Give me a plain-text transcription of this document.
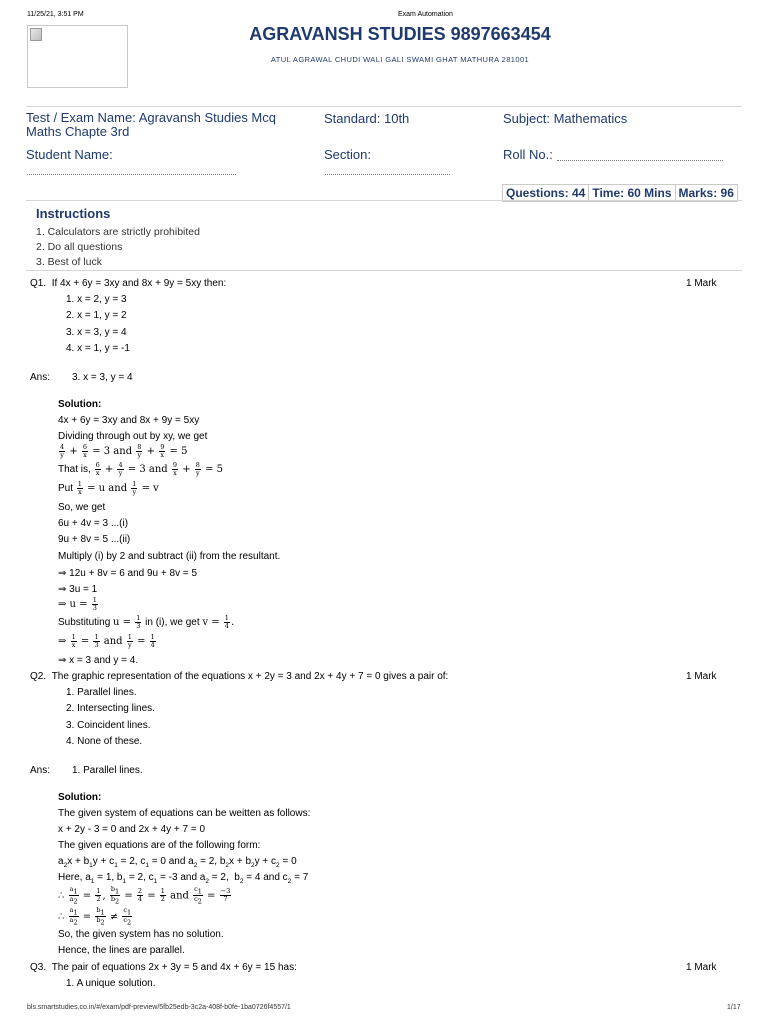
11/25/21, 3:51 PM	Exam Automation
AGRAVANSH STUDIES 9897663454
ATUL AGRAWAL CHUDI WALI GALI SWAMI GHAT MATHURA 281001
Test / Exam Name: Agravansh Studies Mcq
Maths Chapte 3rd
Standard: 10th	Subject: Mathematics
Student Name:	Section:	Roll No.:
Questions: 44 Time: 60 Mins Marks: 96
Instructions
1. Calculators are strictly prohibited
2. Do all questions
3. Best of luck
Q1. If 4x + 6y = 3xy and 8x + 9y = 5xy then:	1 Mark
1. x = 2, y = 3
2. x = 1, y = 2
3. x = 3, y = 4
4. x = 1, y = -1
Ans: 3. x = 3, y = 4
Solution:
4x + 6y = 3xy and 8x + 9y = 5xy
Dividing through out by xy, we get
$\frac{4}{y} + \frac{6}{x} = 3$ and $\frac{8}{y} + \frac{9}{x} = 5$
That is, $\frac{6}{x} + \frac{4}{y} = 3$ and $\frac{9}{x} + \frac{8}{y} = 5$
Put $\frac{1}{x} = u$ and $\frac{1}{y} = v$
So, we get
6u + 4v = 3 ...(i)
9u + 8v = 5 ...(ii)
Multiply (i) by 2 and subtract (ii) from the resultant.
⇒ 12u + 8v = 6 and 9u + 8v = 5
⇒ 3u = 1
⇒ $u = \frac{1}{3}$
Substituting $u = \frac{1}{3}$ in (i), we get $v = \frac{1}{4}$ .
⇒ $\frac{1}{x} = \frac{1}{3}$ and $\frac{1}{y} = \frac{1}{4}$
⇒ x = 3 and y = 4.
Q2. The graphic representation of the equations x + 2y = 3 and 2x + 4y + 7 = 0 gives a pair of:	1 Mark
1. Parallel lines.
2. Intersecting lines.
3. Coincident lines.
4. None of these.
Ans: 1. Parallel lines.
Solution:
The given system of equations can be weitten as follows:
x + 2y - 3 = 0 and 2x + 4y + 7 = 0
The given equations are of the following form:
$a_2x + b_1y + c_1 = 2$, $c_1 = 0$ and $a_2 = 2$, $b_2x + b_2y + c_2 = 0$
Here, $a_1 = 1$, $b_1 = 2$, $c_1 = -3$ and $a_2 = 2$,  $b_2 = 4$ and $c_2 = 7$
∴ $\frac{a_1}{a_2} = \frac{1}{2}$ , $\frac{b_1}{b_2} = \frac{2}{4} = \frac{1}{2}$ and $\frac{c_1}{c_2} = \frac{-3}{7}$
∴ $\frac{a_1}{a_2} = \frac{b_1}{b_2} \ne \frac{c_1}{c_2}$
So, the given system has no solution.
Hence, the lines are parallel.
Q3. The pair of equations 2x + 3y = 5 and 4x + 6y = 15 has:	1 Mark
1. A unique solution.
bls.smartstudies.co.in/#/exam/pdf-preview/5fb25edb-3c2a-408f-b0fe-1ba0726f4557/1	1/17
